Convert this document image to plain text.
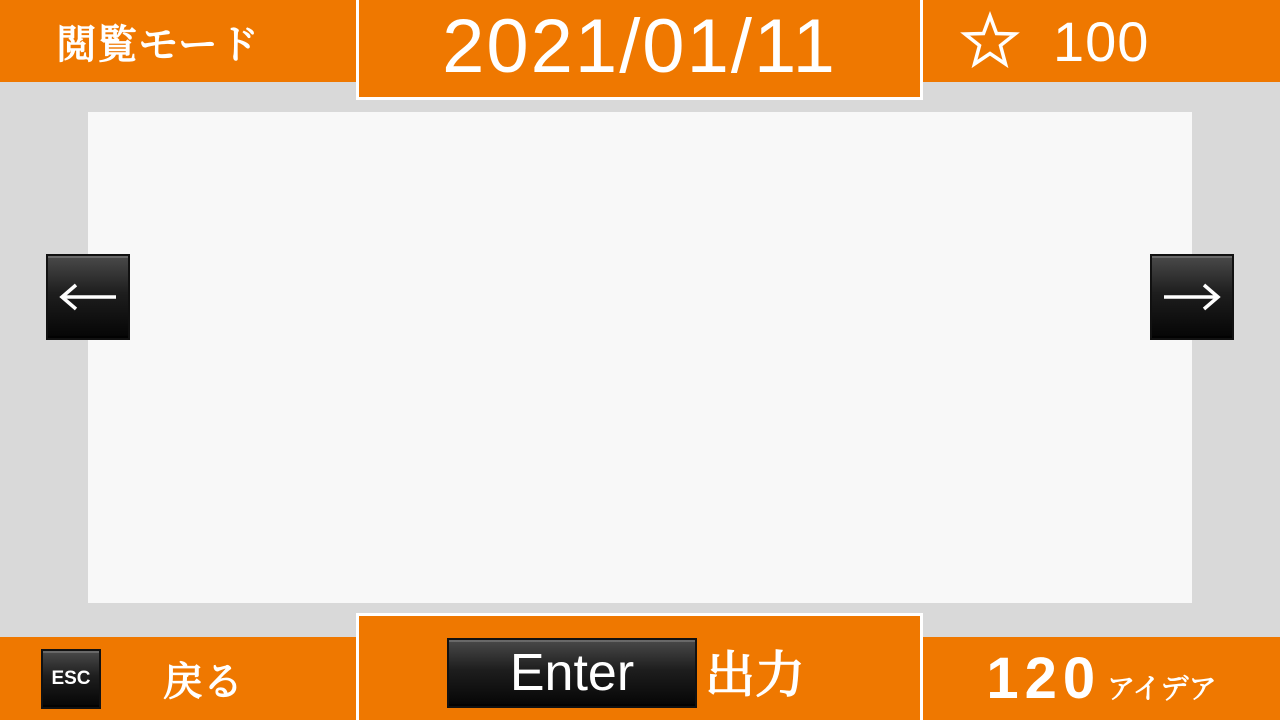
閲覧モード 2021/01/11	100
ESC 戻る	Enter	出力	120 アイデア
